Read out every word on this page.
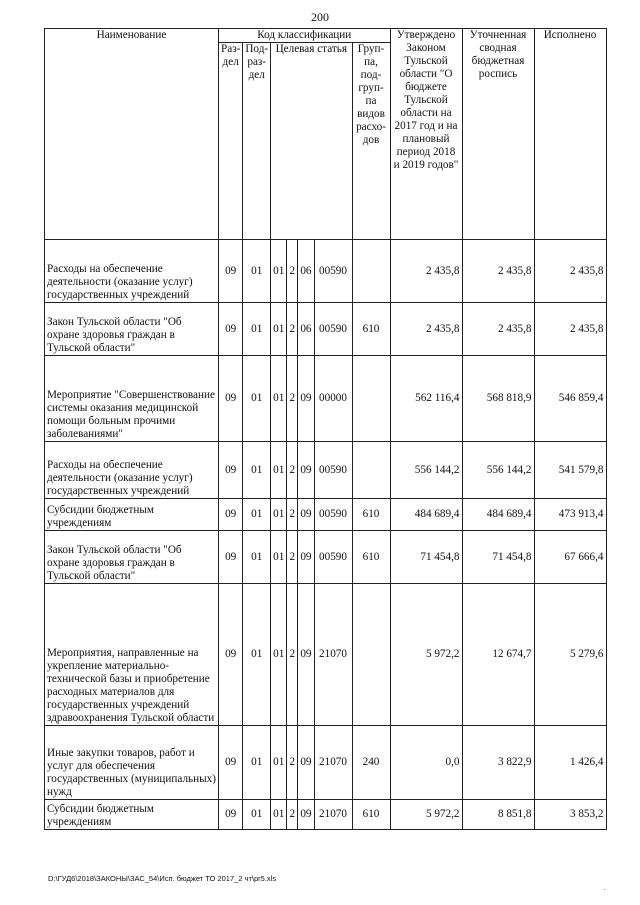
200
Наименование	Код классификации							Утверждено Законом Тульской области "О бюджете Тульской области на 2017 год и на плановый период 2018 и 2019 годов"	Уточненная сводная бюджетная роспись	Исполнено
	Раз-дел	Под-раз-дел	Целевая статья				Груп-па, под-груп-па видов расхо-дов			
Расходы на обеспечение деятельности (оказание услуг) государственных учреждений	09	01	01	2	06	00590		2 435,8	2 435,8	2 435,8
Закон Тульской области "Об охране здоровья граждан в Тульской области"	09	01	01	2	06	00590	610	2 435,8	2 435,8	2 435,8
Мероприятие "Совершенствование системы оказания медицинской помощи больным прочими заболеваниями"	09	01	01	2	09	00000		562 116,4	568 818,9	546 859,4
Расходы на обеспечение деятельности (оказание услуг) государственных учреждений	09	01	01	2	09	00590		556 144,2	556 144,2	541 579,8
Субсидии бюджетным учреждениям	09	01	01	2	09	00590	610	484 689,4	484 689,4	473 913,4
Закон Тульской области "Об охране здоровья граждан в Тульской области"	09	01	01	2	09	00590	610	71 454,8	71 454,8	67 666,4
Мероприятия, направленные на укрепление материально-технической базы и приобретение расходных материалов для государственных учреждений здравоохранения Тульской области	09	01	01	2	09	21070		5 972,2	12 674,7	5 279,6
Иные закупки товаров, работ и услуг для обеспечения государственных (муниципальных) нужд	09	01	01	2	09	21070	240	0,0	3 822,9	1 426,4
Субсидии бюджетным учреждениям	09	01	01	2	09	21070	610	5 972,2	8 851,8	3 853,2
D:\ГУД6\2018\ЗАКОНЫ\ЗАС_54\Исп. бюджет ТО 2017_2 чт\pr5.xls
.
